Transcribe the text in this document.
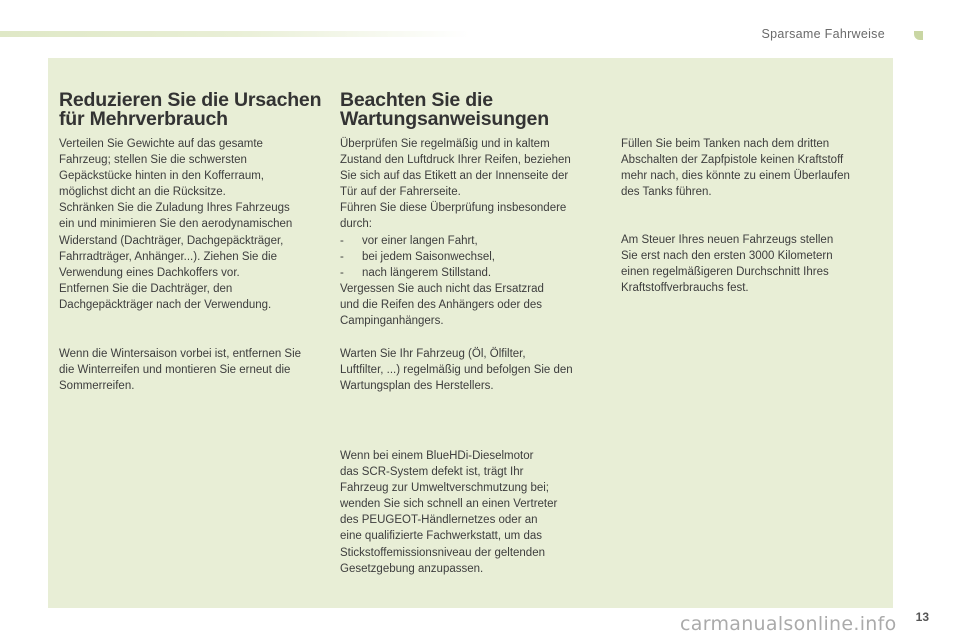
Sparsame Fahrweise
Reduzieren Sie die Ursachen
für Mehrverbrauch
Verteilen Sie Gewichte auf das gesamte
Fahrzeug; stellen Sie die schwersten
Gepäckstücke hinten in den Kofferraum,
möglichst dicht an die Rücksitze.
Schränken Sie die Zuladung Ihres Fahrzeugs
ein und minimieren Sie den aerodynamischen
Widerstand (Dachträger, Dachgepäckträger,
Fahrradträger, Anhänger...). Ziehen Sie die
Verwendung eines Dachkoffers vor.
Entfernen Sie die Dachträger, den
Dachgepäckträger nach der Verwendung.
Wenn die Wintersaison vorbei ist, entfernen Sie
die Winterreifen und montieren Sie erneut die
Sommerreifen.
Beachten Sie die
Wartungsanweisungen
Überprüfen Sie regelmäßig und in kaltem
Zustand den Luftdruck Ihrer Reifen, beziehen
Sie sich auf das Etikett an der Innenseite der
Tür auf der Fahrerseite.
Führen Sie diese Überprüfung insbesondere
durch:
-	vor einer langen Fahrt,
-	bei jedem Saisonwechsel,
-	nach längerem Stillstand.
Vergessen Sie auch nicht das Ersatzrad
und die Reifen des Anhängers oder des
Campinganhängers.
Warten Sie Ihr Fahrzeug (Öl, Ölfilter,
Luftfilter, ...) regelmäßig und befolgen Sie den
Wartungsplan des Herstellers.
Wenn bei einem BlueHDi-Dieselmotor
das SCR-System defekt ist, trägt Ihr
Fahrzeug zur Umweltverschmutzung bei;
wenden Sie sich schnell an einen Vertreter
des PEUGEOT-Händlernetzes oder an
eine qualifizierte Fachwerkstatt, um das
Stickstoffemissionsniveau der geltenden
Gesetzgebung anzupassen.
Füllen Sie beim Tanken nach dem dritten
Abschalten der Zapfpistole keinen Kraftstoff
mehr nach, dies könnte zu einem Überlaufen
des Tanks führen.
Am Steuer Ihres neuen Fahrzeugs stellen
Sie erst nach den ersten 3000 Kilometern
einen regelmäßigeren Durchschnitt Ihres
Kraftstoffverbrauchs fest.
13
carmanualsonline.info
